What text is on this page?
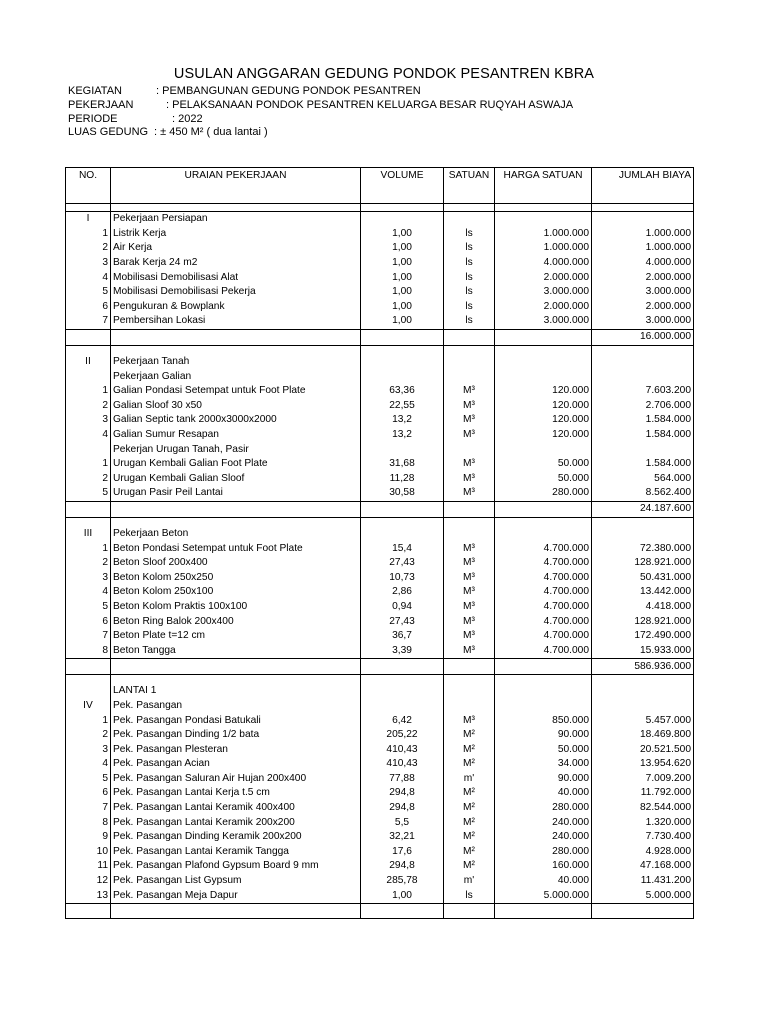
USULAN ANGGARAN GEDUNG PONDOK PESANTREN KBRA
KEGIATAN	: PEMBANGUNAN GEDUNG PONDOK PESANTREN
PEKERJAAN	: PELAKSANAAN PONDOK PESANTREN KELUARGA BESAR RUQYAH ASWAJA
PERIODE	: 2022
LUAS GEDUNG : ± 450 M² ( dua lantai )
NO.	URAIAN PEKERJAAN	VOLUME	SATUAN	HARGA SATUAN	JUMLAH BIAYA

I	Pekerjaan Persiapan				
1	Listrik Kerja	1,00	ls	1.000.000	1.000.000
2	Air Kerja	1,00	ls	1.000.000	1.000.000
3	Barak Kerja 24 m2	1,00	ls	4.000.000	4.000.000
4	Mobilisasi Demobilisasi Alat	1,00	ls	2.000.000	2.000.000
5	Mobilisasi Demobilisasi Pekerja	1,00	ls	3.000.000	3.000.000
6	Pengukuran & Bowplank	1,00	ls	2.000.000	2.000.000
7	Pembersihan Lokasi	1,00	ls	3.000.000	3.000.000
					16.000.000

II	Pekerjaan Tanah				
	Pekerjaan Galian				
1	Galian Pondasi Setempat untuk Foot Plate	63,36	M³	120.000	7.603.200
2	Galian Sloof 30 x50	22,55	M³	120.000	2.706.000
3	Galian Septic tank 2000x3000x2000	13,2	M³	120.000	1.584.000
4	Galian Sumur Resapan	13,2	M³	120.000	1.584.000
	Pekerjan Urugan Tanah, Pasir				
1	Urugan Kembali Galian Foot Plate	31,68	M³	50.000	1.584.000
2	Urugan Kembali Galian Sloof	11,28	M³	50.000	564.000
5	Urugan Pasir Peil Lantai	30,58	M³	280.000	8.562.400
					24.187.600

III	Pekerjaan Beton				
1	Beton Pondasi Setempat untuk Foot Plate	15,4	M³	4.700.000	72.380.000
2	Beton Sloof 200x400	27,43	M³	4.700.000	128.921.000
3	Beton Kolom 250x250	10,73	M³	4.700.000	50.431.000
4	Beton Kolom 250x100	2,86	M³	4.700.000	13.442.000
5	Beton Kolom Praktis 100x100	0,94	M³	4.700.000	4.418.000
6	Beton Ring Balok 200x400	27,43	M³	4.700.000	128.921.000
7	Beton Plate t=12 cm	36,7	M³	4.700.000	172.490.000
8	Beton Tangga	3,39	M³	4.700.000	15.933.000
					586.936.000

	LANTAI 1				
IV	Pek. Pasangan				
1	Pek. Pasangan Pondasi Batukali	6,42	M³	850.000	5.457.000
2	Pek. Pasangan Dinding 1/2 bata	205,22	M²	90.000	18.469.800
3	Pek. Pasangan Plesteran	410,43	M²	50.000	20.521.500
4	Pek. Pasangan Acian	410,43	M²	34.000	13.954.620
5	Pek. Pasangan Saluran Air Hujan 200x400	77,88	m'	90.000	7.009.200
6	Pek. Pasangan Lantai Kerja t.5 cm	294,8	M²	40.000	11.792.000
7	Pek. Pasangan Lantai Keramik 400x400	294,8	M²	280.000	82.544.000
8	Pek. Pasangan Lantai Keramik 200x200	5,5	M²	240.000	1.320.000
9	Pek. Pasangan Dinding Keramik 200x200	32,21	M²	240.000	7.730.400
10	Pek. Pasangan Lantai Keramik Tangga	17,6	M²	280.000	4.928.000
11	Pek. Pasangan Plafond Gypsum Board 9 mm	294,8	M²	160.000	47.168.000
12	Pek. Pasangan List Gypsum	285,78	m'	40.000	11.431.200
13	Pek. Pasangan Meja Dapur	1,00	ls	5.000.000	5.000.000
